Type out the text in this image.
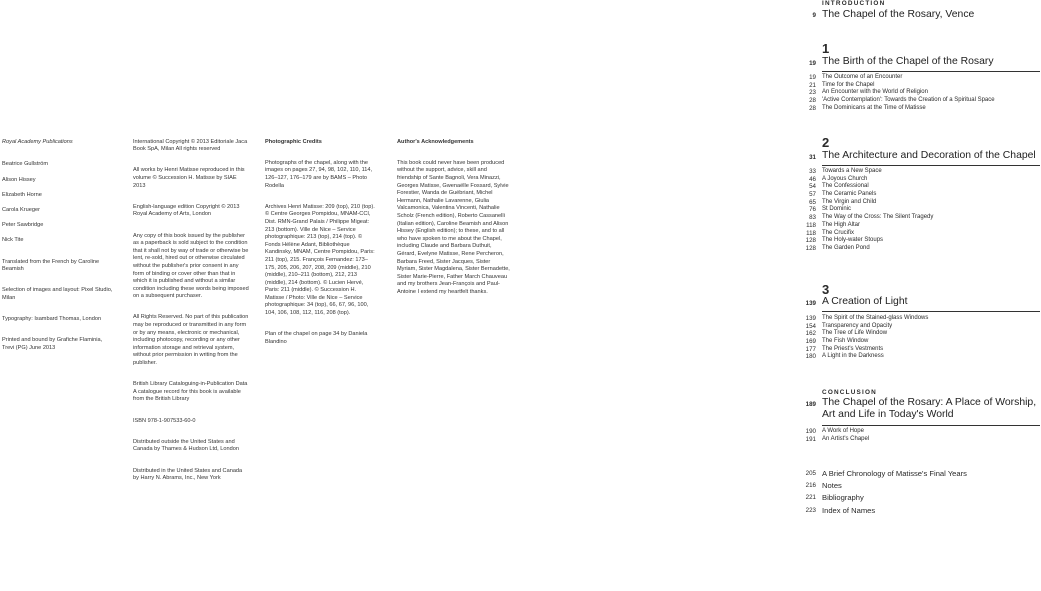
Royal Academy Publications

Beatrice Gullström

Alison Hissey

Elizabeth Horne

Carola Krueger

Peter Sawbridge

Nick Tite

Translated from the French by Caroline Beamish

Selection of images and layout: Pixel Studio, Milan

Typography: Isambard Thomas, London

Printed and bound by Grafiche Flaminia, Trevi (PG) June 2013

International Copyright © 2013 Editoriale Jaca Book SpA, Milan All rights reserved

All works by Henri Matisse reproduced in this volume © Succession H. Matisse by SIAE 2013

English-language edition Copyright © 2013 Royal Academy of Arts, London

Any copy of this book issued by the publisher as a paperback is sold subject to the condition that it shall not by way of trade or otherwise be lent, re-sold, hired out or otherwise circulated without the publisher's prior consent in any form of binding or cover other than that in which it is published and without a similar condition including these words being imposed on a subsequent purchaser.

All Rights Reserved. No part of this publication may be reproduced or transmitted in any form or by any means, electronic or mechanical, including photocopy, recording or any other information storage and retrieval system, without prior permission in writing from the publisher.

British Library Cataloguing-in-Publication Data A catalogue record for this book is available from the British Library

ISBN 978-1-907533-60-0

Distributed outside the United States and Canada by Thames & Hudson Ltd, London

Distributed in the United States and Canada by Harry N. Abrams, Inc., New York

Photographic Credits

Photographs of the chapel, along with the images on pages 27, 94, 98, 102, 110, 114, 126–127, 176–179 are by BAMS – Photo Rodella

Archives Henri Matisse: 209 (top), 210 (top). © Centre Georges Pompidou, MNAM-CCI, Dist. RMN-Grand Palais / Philippe Migeat: 213 (bottom). Ville de Nice – Service photographique: 213 (top), 214 (top). © Fonds Hélène Adant, Bibliothèque Kandinsky, MNAM, Centre Pompidou, Paris: 211 (top), 215. François Fernandez: 173–175, 205, 206, 207, 208, 209 (middle), 210 (middle), 210–211 (bottom), 212, 213 (middle), 214 (bottom). © Lucien Hervé, Paris: 211 (middle). © Succession H. Matisse / Photo: Ville de Nice – Service photographique: 34 (top), 66, 67, 96, 100, 104, 106, 108, 112, 116, 208 (top).

Plan of the chapel on page 34 by Daniela Blandino

Author's Acknowledgements

This book could never have been produced without the support, advice, skill and friendship of Sante Bagnoli, Vera Minazzi, Georges Matisse, Gwenaëlle Fossard, Sylvie Forestier, Wanda de Guébriant, Michel Hermann, Nathalie Lavarenne, Giulia Valcamonica, Valentina Vincenti, Nathalie Scholz (French edition), Roberto Cassanelli (Italian edition), Caroline Beamish and Alison Hissey (English edition); to these, and to all who have spoken to me about the Chapel, including Claude and Barbara Duthuit, Gérard, Evelyne Matisse, Rene Percheron, Barbara Freed, Sister Jacques, Sister Myriam, Sister Magdalena, Sister Bernadette, Sister Marie-Pierre, Father March Chauveau and my brothers Jean-François and Paul-Antoine I extend my heartfelt thanks.

INTRODUCTION
9 The Chapel of the Rosary, Vence
1
19 The Birth of the Chapel of the Rosary
19 The Outcome of an Encounter
21 Time for the Chapel
23 An Encounter with the World of Religion
28 'Active Contemplation': Towards the Creation of a Spiritual Space
28 The Dominicans at the Time of Matisse
2
31 The Architecture and Decoration of the Chapel
33 Towards a New Space
46 A Joyous Church
54 The Confessional
57 The Ceramic Panels
65 The Virgin and Child
76 St Dominic
83 The Way of the Cross: The Silent Tragedy
118 The High Altar
118 The Crucifix
128 The Holy-water Stoups
128 The Garden Pond
3
139 A Creation of Light
139 The Spirit of the Stained-glass Windows
154 Transparency and Opacity
162 The Tree of Life Window
169 The Fish Window
177 The Priest's Vestments
180 A Light in the Darkness
CONCLUSION
189 The Chapel of the Rosary: A Place of Worship, Art and Life in Today's World
190 A Work of Hope
191 An Artist's Chapel
205 A Brief Chronology of Matisse's Final Years
216 Notes
221 Bibliography
223 Index of Names
